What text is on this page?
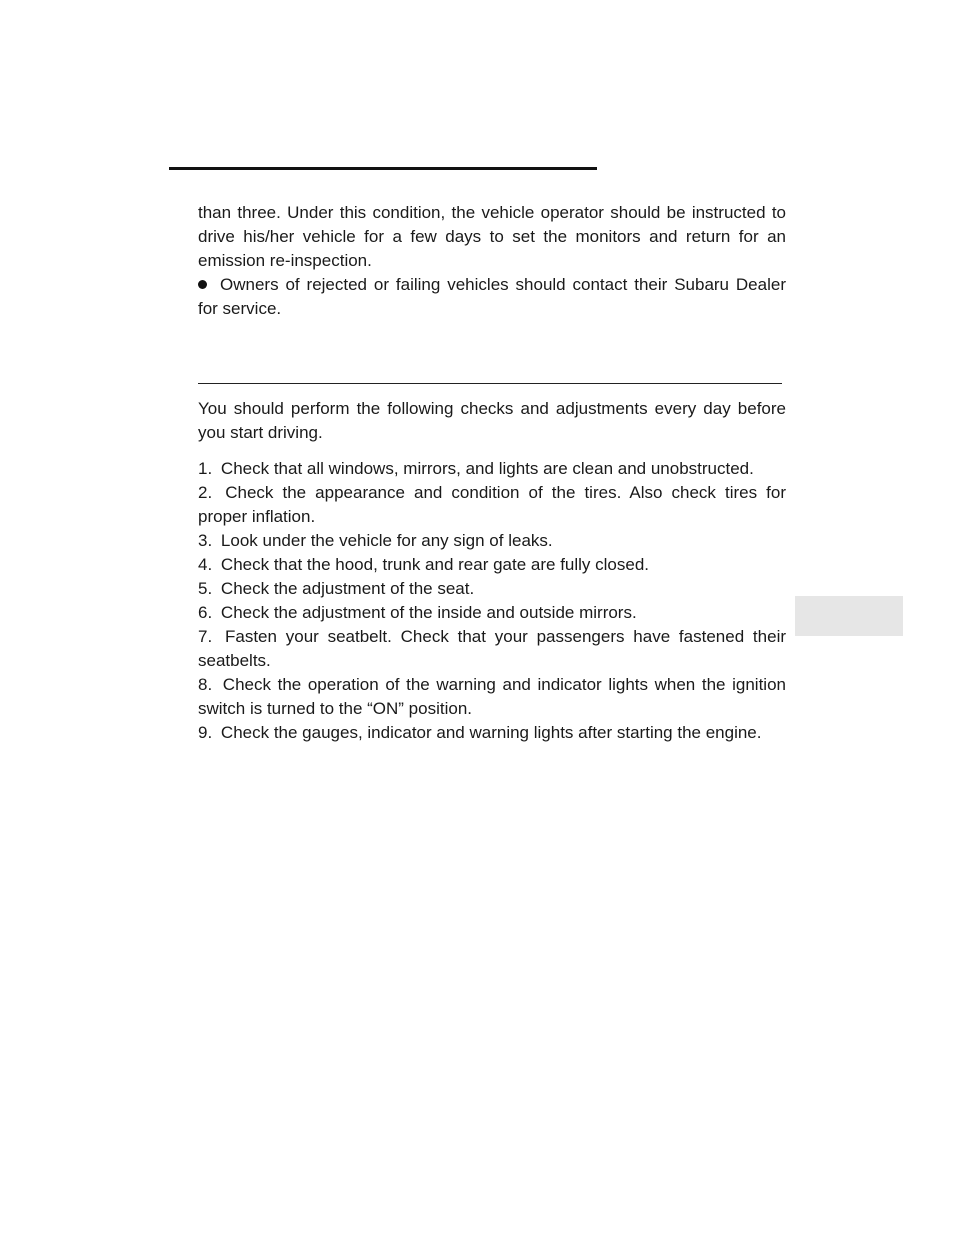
than three. Under this condition, the vehicle operator should be instructed to drive his/her vehicle for a few days to set the monitors and return for an emission re-inspection.

Owners of rejected or failing vehicles should contact their Subaru Dealer for service.

You should perform the following checks and adjustments every day before you start driving.

1. Check that all windows, mirrors, and lights are clean and unobstructed.

2. Check the appearance and condition of the tires. Also check tires for proper inflation.

3. Look under the vehicle for any sign of leaks.

4. Check that the hood, trunk and rear gate are fully closed.

5. Check the adjustment of the seat.

6. Check the adjustment of the inside and outside mirrors.

7. Fasten your seatbelt. Check that your passengers have fastened their seatbelts.

8. Check the operation of the warning and indicator lights when the ignition switch is turned to the “ON” position.

9. Check the gauges, indicator and warning lights after starting the engine.
